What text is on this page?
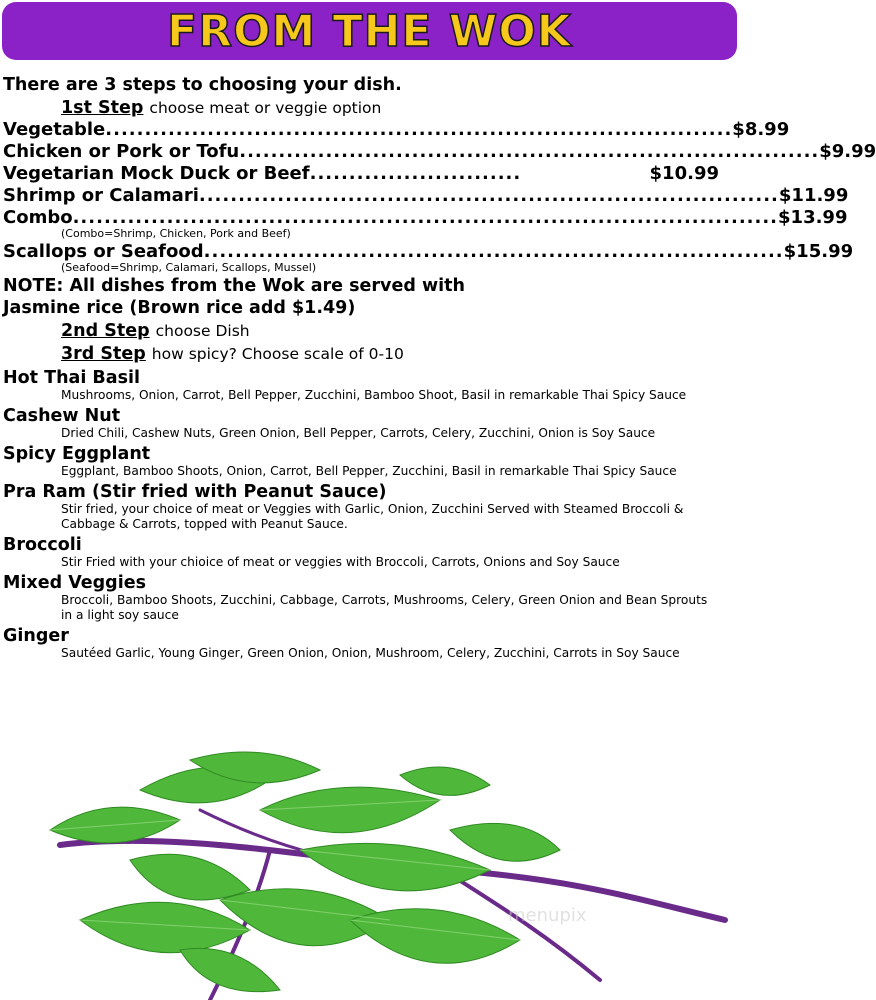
FROM THE WOK
There are 3 steps to choosing your dish.
1st Step choose meat or veggie option
Vegetable ................................................................................ $8.99
Chicken or Pork or Tofu .......................................................................... $9.99
Vegetarian Mock Duck or Beef ...........................	$10.99
Shrimp or Calamari .......................................................................... $11.99
Combo .......................................................................................... $13.99
(Combo=Shrimp, Chicken, Pork and Beef)
Scallops or Seafood .......................................................................... $15.99
(Seafood=Shrimp, Calamari, Scallops, Mussel)
NOTE: All dishes from the Wok are served with
Jasmine rice (Brown rice add $1.49)
2nd Step choose Dish
3rd Step how spicy? Choose scale of 0-10
Hot Thai Basil
Mushrooms, Onion, Carrot, Bell Pepper, Zucchini, Bamboo Shoot, Basil in remarkable Thai Spicy Sauce
Cashew Nut
Dried Chili, Cashew Nuts, Green Onion, Bell Pepper, Carrots, Celery, Zucchini, Onion is Soy Sauce
Spicy Eggplant
Eggplant, Bamboo Shoots, Onion, Carrot, Bell Pepper, Zucchini, Basil in remarkable Thai Spicy Sauce
Pra Ram (Stir fried with Peanut Sauce)
Stir fried, your choice of meat or Veggies with Garlic, Onion, Zucchini Served with Steamed Broccoli & Cabbage & Carrots, topped with Peanut Sauce.
Broccoli
Stir Fried with your chioice of meat or veggies with Broccoli, Carrots, Onions and Soy Sauce
Mixed Veggies
Broccoli, Bamboo Shoots, Zucchini, Cabbage, Carrots, Mushrooms, Celery, Green Onion and Bean Sprouts in a light soy sauce
Ginger
Sautéed Garlic, Young Ginger, Green Onion, Onion, Mushroom, Celery, Zucchini, Carrots in Soy Sauce
menupix
